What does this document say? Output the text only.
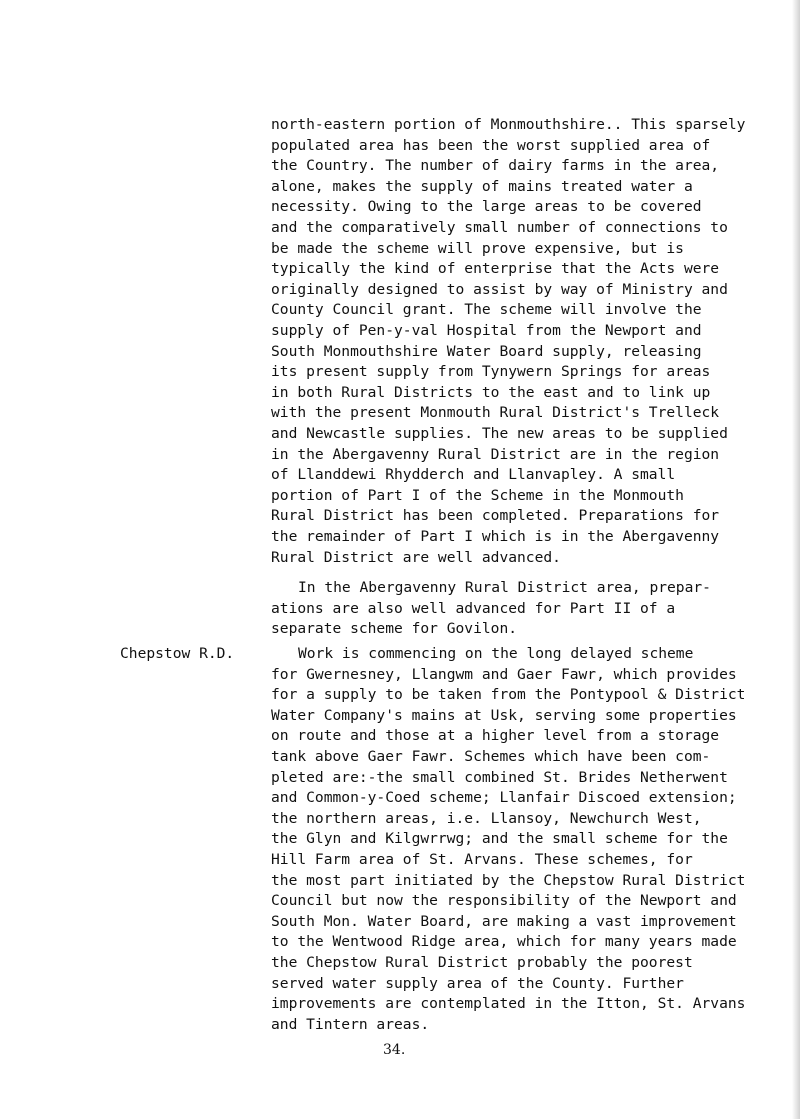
north-eastern portion of Monmouthshire.. This sparsely
populated area has been the worst supplied area of
the Country. The number of dairy farms in the area,
alone, makes the supply of mains treated water a
necessity. Owing to the large areas to be covered
and the comparatively small number of connections to
be made the scheme will prove expensive, but is
typically the kind of enterprise that the Acts were
originally designed to assist by way of Ministry and
County Council grant. The scheme will involve the
supply of Pen-y-val Hospital from the Newport and
South Monmouthshire Water Board supply, releasing
its present supply from Tynywern Springs for areas
in both Rural Districts to the east and to link up
with the present Monmouth Rural District's Trelleck
and Newcastle supplies. The new areas to be supplied
in the Abergavenny Rural District are in the region
of Llanddewi Rhydderch and Llanvapley. A small
portion of Part I of the Scheme in the Monmouth
Rural District has been completed. Preparations for
the remainder of Part I which is in the Abergavenny
Rural District are well advanced.
In the Abergavenny Rural District area, prepar-
ations are also well advanced for Part II of a
separate scheme for Govilon.
Work is commencing on the long delayed scheme
for Gwernesney, Llangwm and Gaer Fawr, which provides
for a supply to be taken from the Pontypool & District
Water Company's mains at Usk, serving some properties
on route and those at a higher level from a storage
tank above Gaer Fawr. Schemes which have been com-
pleted are:-the small combined St. Brides Netherwent
and Common-y-Coed scheme; Llanfair Discoed extension;
the northern areas, i.e. Llansoy, Newchurch West,
the Glyn and Kilgwrrwg; and the small scheme for the
Hill Farm area of St. Arvans. These schemes, for
the most part initiated by the Chepstow Rural District
Council but now the responsibility of the Newport and
South Mon. Water Board, are making a vast improvement
to the Wentwood Ridge area, which for many years made
the Chepstow Rural District probably the poorest
served water supply area of the County. Further
improvements are contemplated in the Itton, St. Arvans
and Tintern areas.
Chepstow R.D.
34.
